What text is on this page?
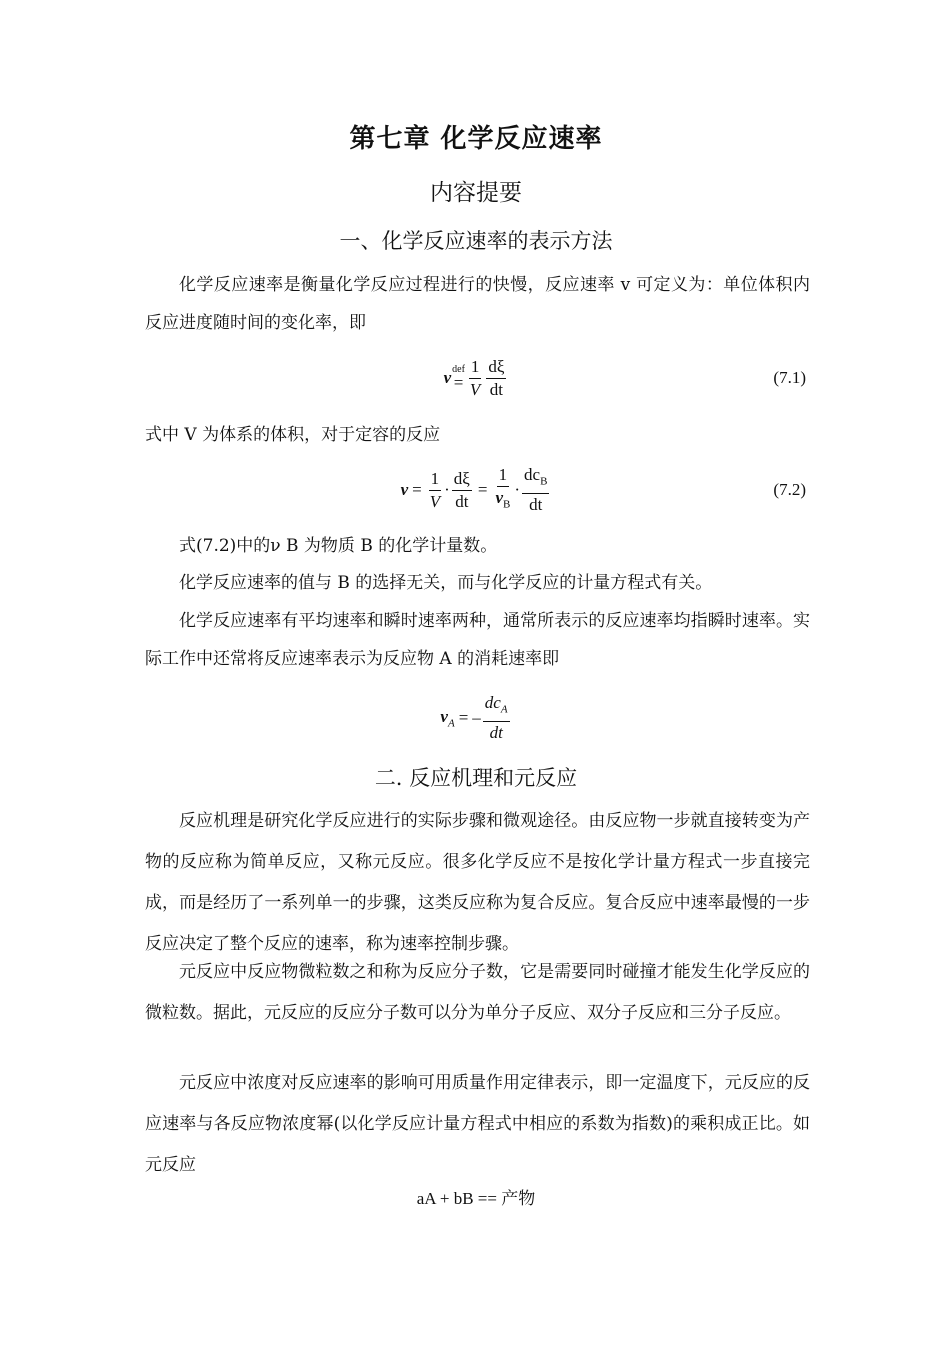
第七章 化学反应速率
内容提要
一、化学反应速率的表示方法

化学反应速率是衡量化学反应过程进行的快慢，反应速率 v 可定义为：单位体积内反应进度随时间的变化率，即

v def
= $\frac{1}{V} \frac{d\xi}{dt}$	(7.1)

式中 V 为体系的体积，对于定容的反应

$v = \frac{1}{V} \cdot \frac{d\xi}{dt} = \frac{1}{v_B} \cdot \frac{dc_B}{dt}$	(7.2)

式(7.2)中的ν B 为物质 B 的化学计量数。

化学反应速率的值与 B 的选择无关，而与化学反应的计量方程式有关。

化学反应速率有平均速率和瞬时速率两种，通常所表示的反应速率均指瞬时速率。实际工作中还常将反应速率表示为反应物 A 的消耗速率即

$v_A$ = – $\frac{dc_A}{dt}$
二. 反应机理和元反应

反应机理是研究化学反应进行的实际步骤和微观途径。由反应物一步就直接转变为产物的反应称为简单反应，又称元反应。很多化学反应不是按化学计量方程式一步直接完成，而是经历了一系列单一的步骤，这类反应称为复合反应。复合反应中速率最慢的一步反应决定了整个反应的速率，称为速率控制步骤。

元反应中反应物微粒数之和称为反应分子数，它是需要同时碰撞才能发生化学反应的微粒数。据此，元反应的反应分子数可以分为单分子反应、双分子反应和三分子反应。

元反应中浓度对反应速率的影响可用质量作用定律表示，即一定温度下，元反应的反应速率与各反应物浓度幂(以化学反应计量方程式中相应的系数为指数)的乘积成正比。如元反应

aA + bB == 产物
